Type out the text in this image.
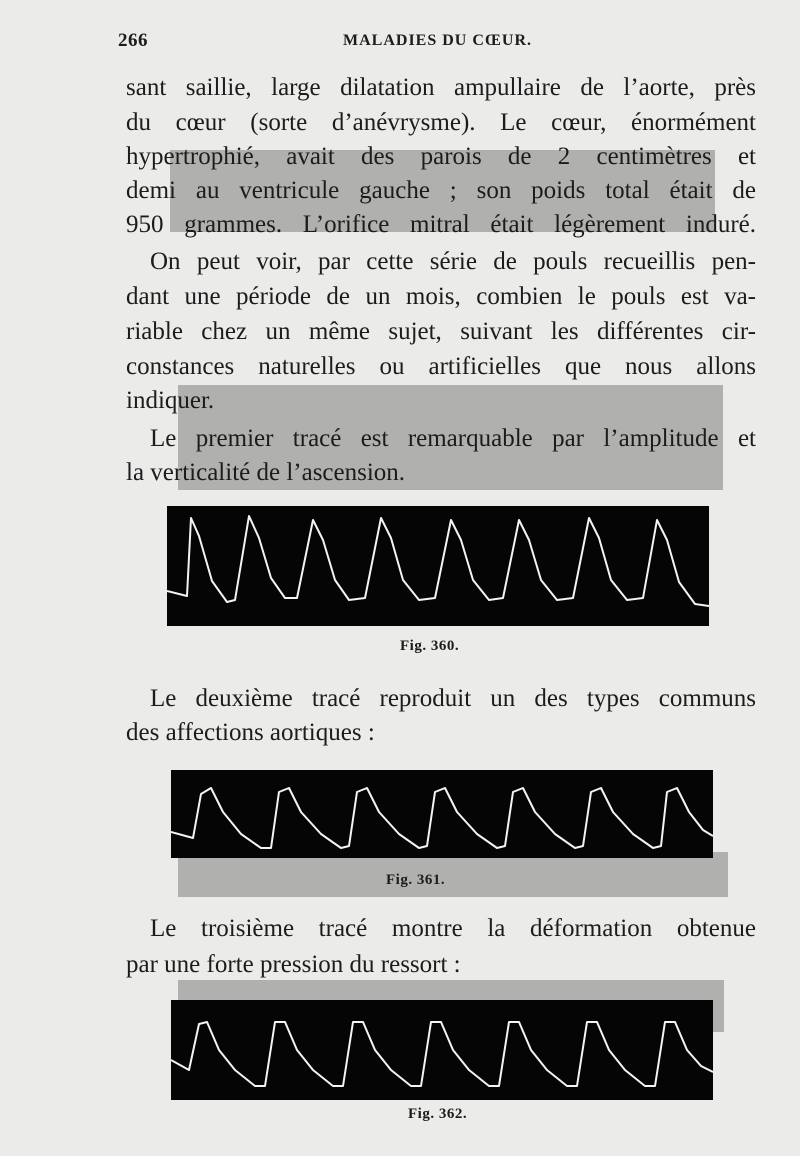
266	MALADIES DU CŒUR.
sant saillie, large dilatation ampullaire de l’aorte, près
du cœur (sorte d’anévrysme). Le cœur, énormément
hypertrophié, avait des parois de 2 centimètres et
demi au ventricule gauche ; son poids total était de
950 grammes. L’orifice mitral était légèrement induré.
On peut voir, par cette série de pouls recueillis pen-
dant une période de un mois, combien le pouls est va-
riable chez un même sujet, suivant les différentes cir-
constances naturelles ou artificielles que nous allons
indiquer.
Le premier tracé est remarquable par l’amplitude et
la verticalité de l’ascension.
Fig. 360.
Le deuxième tracé reproduit un des types communs
des affections aortiques :
Fig. 361.
Le troisième tracé montre la déformation obtenue
par une forte pression du ressort :
Fig. 362.
